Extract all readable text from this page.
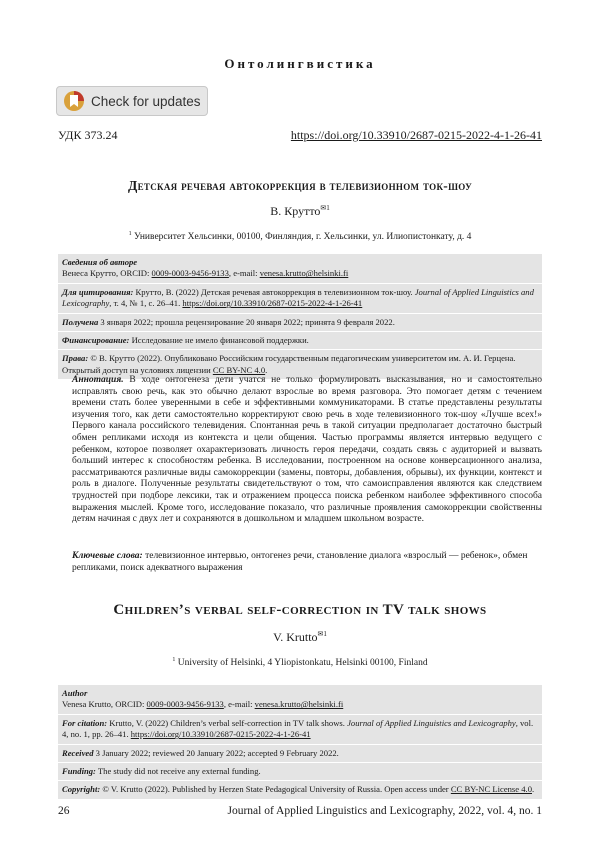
Онтолингвистика
Check for updates
УДК 373.24	https://doi.org/10.33910/2687-0215-2022-4-1-26-41
Детская речевая автокоррекция в телевизионном ток-шоу
В. Крутто$^{✉1}$
$^1$ Университет Хельсинки, 00100, Финляндия, г. Хельсинки, ул. Илиопистонкату, д. 4

Сведения об авторе

Венеса Крутто, ORCID: 0009-0003-9456-9133, e-mail: venesa.krutto@helsinki.fi

Для цитирования: Крутто, В. (2022) Детская речевая автокоррекция в телевизионном ток-шоу. Journal of Applied Linguistics and Lexicography, т. 4, № 1, с. 26–41. https://doi.org/10.33910/2687-0215-2022-4-1-26-41

Получена 3 января 2022; прошла рецензирование 20 января 2022; принята 9 февраля 2022.

Финансирование: Исследование не имело финансовой поддержки.

Права: © В. Крутто (2022). Опубликовано Российским государственным педагогическим университетом им. А. И. Герцена. Открытый доступ на условиях лицензии CC BY-NC 4.0.

Аннотация. В ходе онтогенеза дети учатся не только формулировать высказывания, но и самостоятельно исправлять свою речь, как это обычно делают взрослые во время разговора. Это помогает детям с течением времени стать более уверенными в себе и эффективными коммуникаторами. В статье представлены результаты изучения того, как дети самостоятельно корректируют свою речь в ходе телевизионного ток-шоу «Лучше всех!» Первого канала российского телевидения. Спонтанная речь в такой ситуации предполагает достаточно быстрый обмен репликами исходя из контекста и цели общения. Частью программы является интервью ведущего с ребенком, которое позволяет охарактеризовать личность героя передачи, создать связь с аудиторией и вызвать больший интерес к способностям ребенка. В исследовании, построенном на основе конверсационного анализа, рассматриваются различные виды самокоррекции (замены, повторы, добавления, обрывы), их функции, контекст и роль в диалоге. Полученные результаты свидетельствуют о том, что самоисправления являются как следствием трудностей при подборе лексики, так и отражением процесса поиска ребенком наиболее эффективного способа выражения мыслей. Кроме того, исследование показало, что различные проявления самокоррекции свойственны детям начиная с двух лет и сохраняются в дошкольном и младшем школьном возрасте.

Ключевые слова: телевизионное интервью, онтогенез речи, становление диалога «взрослый — ребенок», обмен репликами, поиск адекватного выражения

Children’s verbal self-correction in TV talk shows
V. Krutto$^{✉1}$
$^1$ University of Helsinki, 4 Yliopistonkatu, Helsinki 00100, Finland

Author

Venesa Krutto, ORCID: 0009-0003-9456-9133, e-mail: venesa.krutto@helsinki.fi

For citation: Krutto, V. (2022) Children’s verbal self-correction in TV talk shows. Journal of Applied Linguistics and Lexicography, vol. 4, no. 1, pp. 26–41. https://doi.org/10.33910/2687-0215-2022-4-1-26-41

Received 3 January 2022; reviewed 20 January 2022; accepted 9 February 2022.

Funding: The study did not receive any external funding.

Copyright: © V. Krutto (2022). Published by Herzen State Pedagogical University of Russia. Open access under CC BY-NC License 4.0.

26	Journal of Applied Linguistics and Lexicography, 2022, vol. 4, no. 1
